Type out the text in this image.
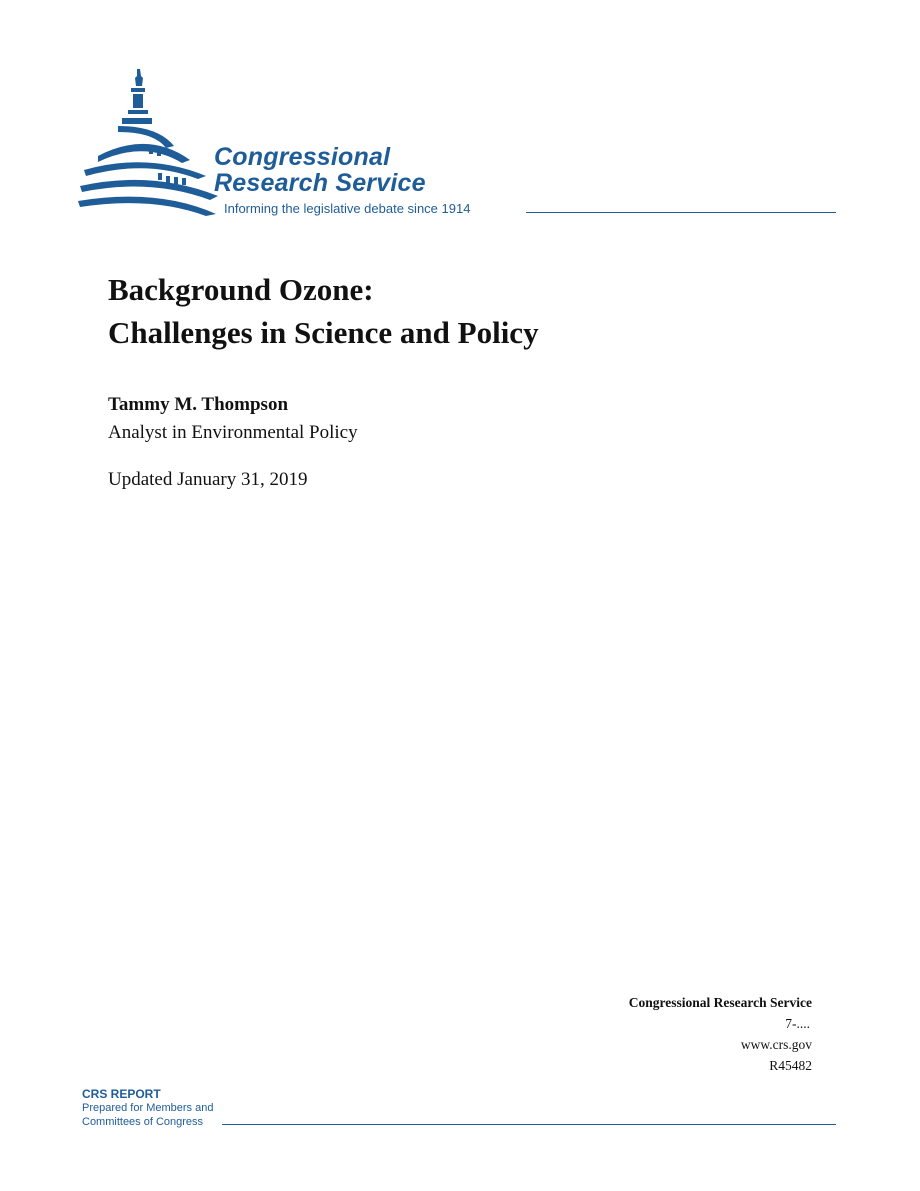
Congressional
Research Service
Informing the legislative debate since 1914
Background Ozone:
Challenges in Science and Policy
Tammy M. Thompson
Analyst in Environmental Policy
Updated January 31, 2019
Congressional Research Service
7-....
www.crs.gov
R45482
CRS REPORT
Prepared for Members and
Committees of Congress
